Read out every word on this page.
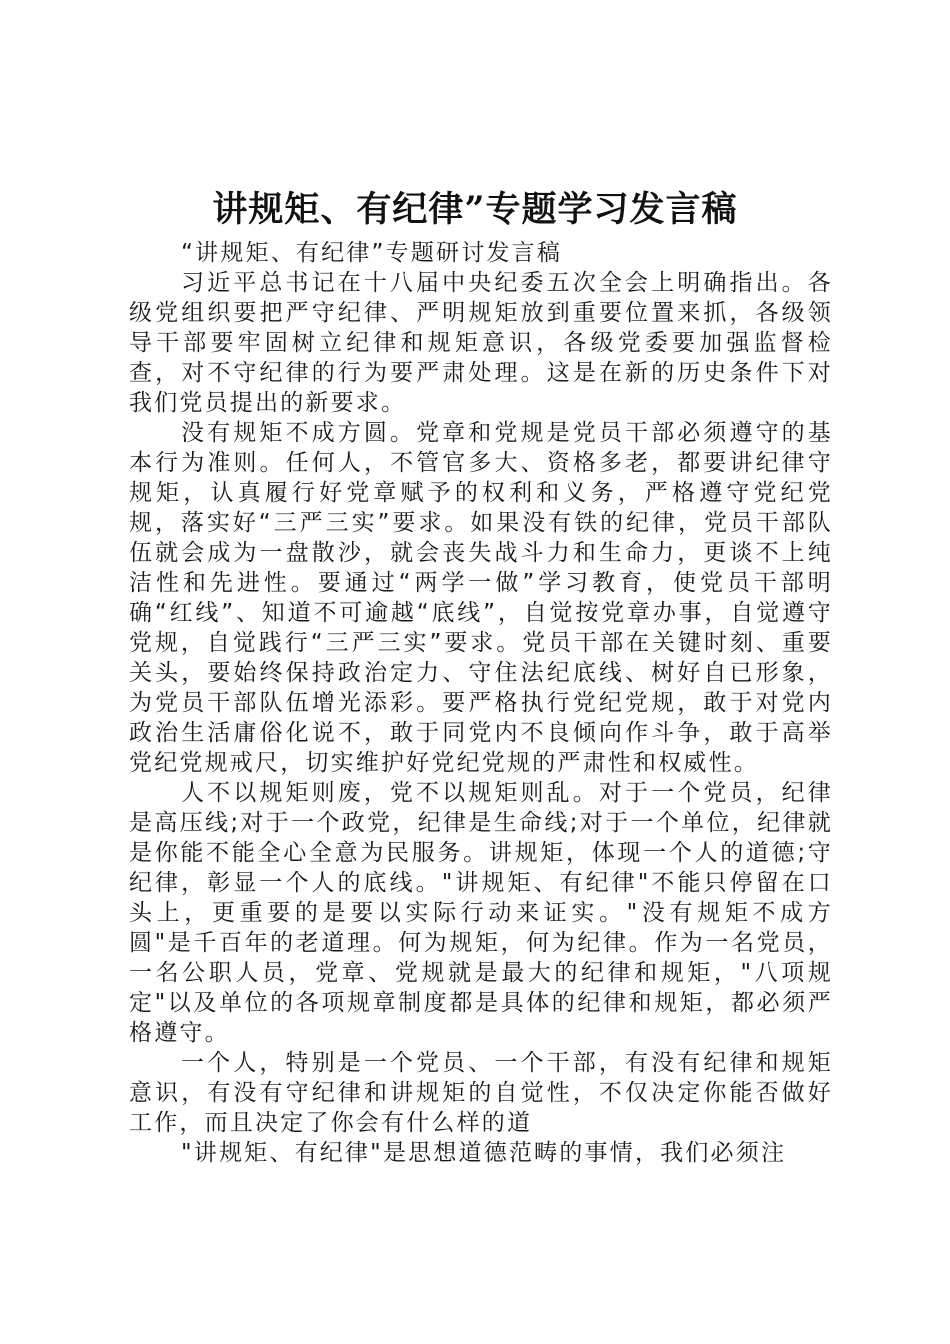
讲规矩、有纪律”专题学习发言稿

“讲规矩、有纪律”专题研讨发言稿

习近平总书记在十八届中央纪委五次全会上明确指出。各级党组织要把严守纪律、严明规矩放到重要位置来抓，各级领导干部要牢固树立纪律和规矩意识，各级党委要加强监督检查，对不守纪律的行为要严肃处理。这是在新的历史条件下对我们党员提出的新要求。

没有规矩不成方圆。党章和党规是党员干部必须遵守的基本行为准则。任何人，不管官多大、资格多老，都要讲纪律守规矩，认真履行好党章赋予的权利和义务，严格遵守党纪党规，落实好“三严三实”要求。如果没有铁的纪律，党员干部队伍就会成为一盘散沙，就会丧失战斗力和生命力，更谈不上纯洁性和先进性。要通过“两学一做”学习教育，使党员干部明确“红线”、知道不可逾越“底线”，自觉按党章办事，自觉遵守党规，自觉践行“三严三实”要求。党员干部在关键时刻、重要关头，要始终保持政治定力、守住法纪底线、树好自已形象，为党员干部队伍增光添彩。要严格执行党纪党规，敢于对党内政治生活庸俗化说不，敢于同党内不良倾向作斗争，敢于高举党纪党规戒尺，切实维护好党纪党规的严肃性和权威性。

人不以规矩则废，党不以规矩则乱。对于一个党员，纪律是高压线;对于一个政党，纪律是生命线;对于一个单位，纪律就是你能不能全心全意为民服务。讲规矩，体现一个人的道德;守纪律，彰显一个人的底线。"讲规矩、有纪律"不能只停留在口头上，更重要的是要以实际行动来证实。"没有规矩不成方圆"是千百年的老道理。何为规矩，何为纪律。作为一名党员，一名公职人员，党章、党规就是最大的纪律和规矩，"八项规定"以及单位的各项规章制度都是具体的纪律和规矩，都必须严格遵守。

一个人，特别是一个党员、一个干部，有没有纪律和规矩意识，有没有守纪律和讲规矩的自觉性，不仅决定你能否做好工作，而且决定了你会有什么样的道

"讲规矩、有纪律"是思想道德范畴的事情，我们必须注
